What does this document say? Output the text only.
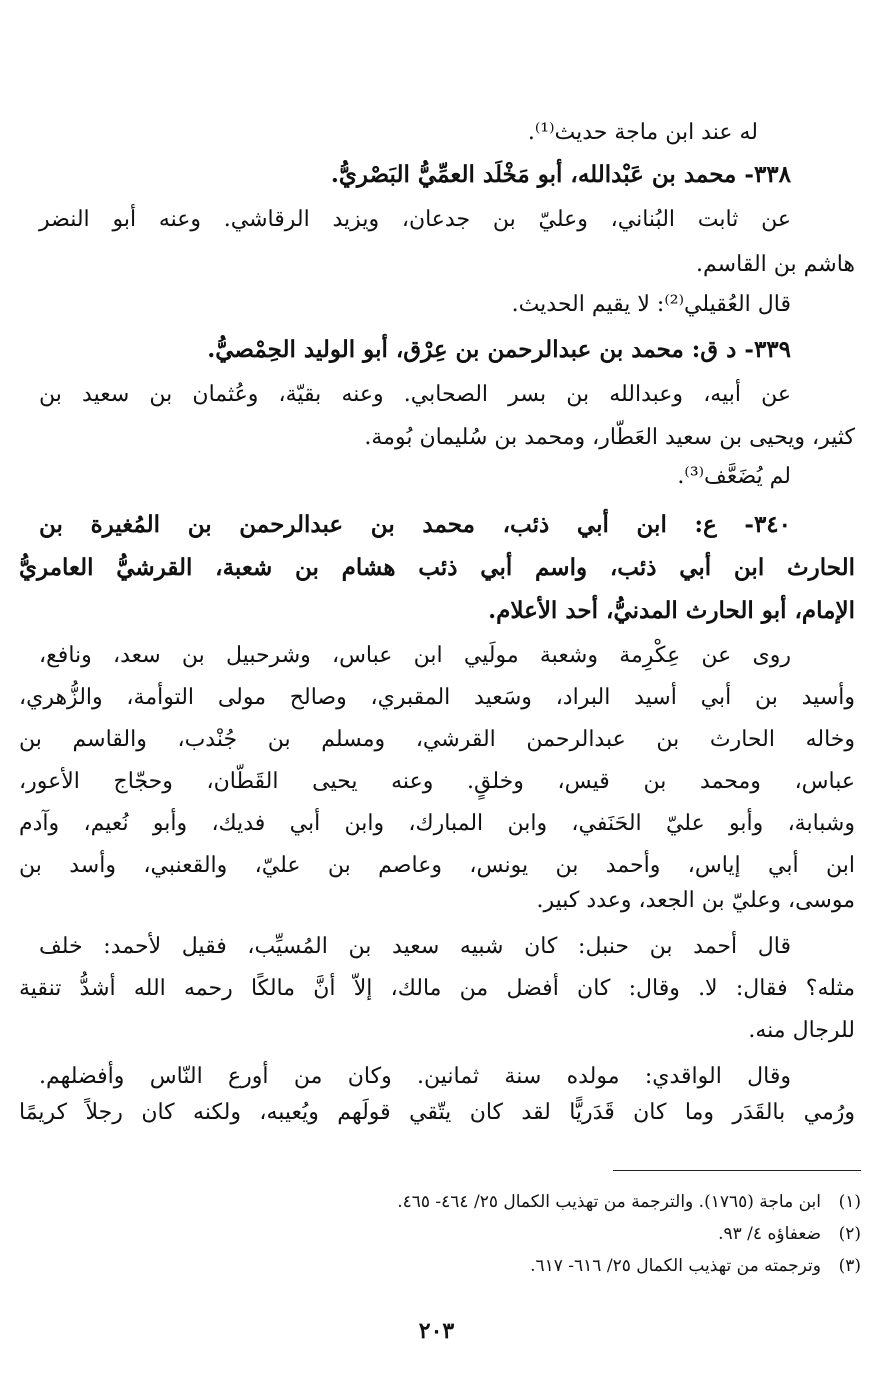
له عند ابن ماجة حديث⁽¹⁾.
٣٣٨- محمد بن عَبْدالله، أبو مَخْلَد العمِّيُّ البَصْريُّ.
عن ثابت البُناني، وعليّ بن جدعان، ويزيد الرقاشي. وعنه أبو النضر
هاشم بن القاسم.
قال العُقيلي⁽²⁾: لا يقيم الحديث.
٣٣٩- د ق: محمد بن عبدالرحمن بن عِرْق، أبو الوليد الحِمْصيُّ.
عن أبيه، وعبدالله بن بسر الصحابي. وعنه بقيّة، وعُثمان بن سعيد بن
كثير، ويحيى بن سعيد العَطّار، ومحمد بن سُليمان بُومة.
لم يُضَعَّف⁽³⁾.
٣٤٠- ع: ابن أبي ذئب، محمد بن عبدالرحمن بن المُغيرة بن
الحارث ابن أبي ذئب، واسم أبي ذئب هشام بن شعبة، القرشيُّ العامريُّ
الإمام، أبو الحارث المدنيُّ، أحد الأعلام.
روى عن عِكْرِمة وشعبة مولَيي ابن عباس، وشرحبيل بن سعد، ونافع،
وأسيد بن أبي أسيد البراد، وسَعيد المقبري، وصالح مولى التوأمة، والزُّهري،
وخاله الحارث بن عبدالرحمن القرشي، ومسلم بن جُنْدب، والقاسم بن
عباس، ومحمد بن قيس، وخلقٍ. وعنه يحيى القَطّان، وحجّاج الأعور،
وشبابة، وأبو عليّ الحَنَفي، وابن المبارك، وابن أبي فديك، وأبو نُعيم، وآدم
ابن أبي إياس، وأحمد بن يونس، وعاصم بن عليّ، والقعنبي، وأسد بن
موسى، وعليّ بن الجعد، وعدد كبير.
قال أحمد بن حنبل: كان شبيه سعيد بن المُسيِّب، فقيل لأحمد: خلف
مثله؟ فقال: لا. وقال: كان أفضل من مالك، إلاّ أنَّ مالكًا رحمه الله أشدُّ تنقية
للرجال منه.
وقال الواقدي: مولده سنة ثمانين. وكان من أورع النّاس وأفضلهم.
ورُمي بالقَدَر وما كان قَدَريًّا لقد كان يتّقي قولَهم ويُعيبه، ولكنه كان رجلاً كريمًا
(١)ابن ماجة (١٧٦٥). والترجمة من تهذيب الكمال ٢٥/ ٤٦٤- ٤٦٥.
(٢)ضعفاؤه ٤/ ٩٣.
(٣)وترجمته من تهذيب الكمال ٢٥/ ٦١٦- ٦١٧.
٢٠٣
